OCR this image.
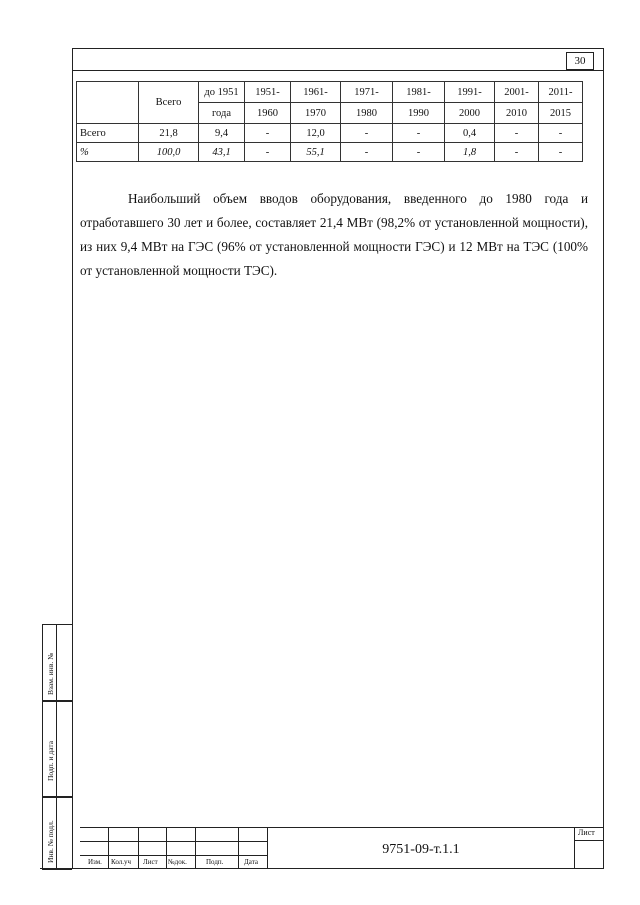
30
	Всего	до 1951	1951-	1961-	1971-	1981-	1991-	2001-	2011-
		года	1960	1970	1980	1990	2000	2010	2015
Всего	21,8	9,4	-	12,0	-	-	0,4	-	-
%	100,0	43,1	-	55,1	-	-	1,8	-	-
Наибольший объем вводов оборудования, введенного до 1980 года и отработавшего 30 лет и более, составляет 21,4 МВт (98,2% от установленной мощности), из них 9,4 МВт на ГЭС (96% от установленной мощности ГЭС) и 12 МВт на ТЭС (100% от установленной мощности ТЭС).
Взам. инв. №
Подп. и дата
Инв. № подл.	Изм. Кол.уч Лист №док.	Подп.	Дата
9751-09-т.1.1
Лист
